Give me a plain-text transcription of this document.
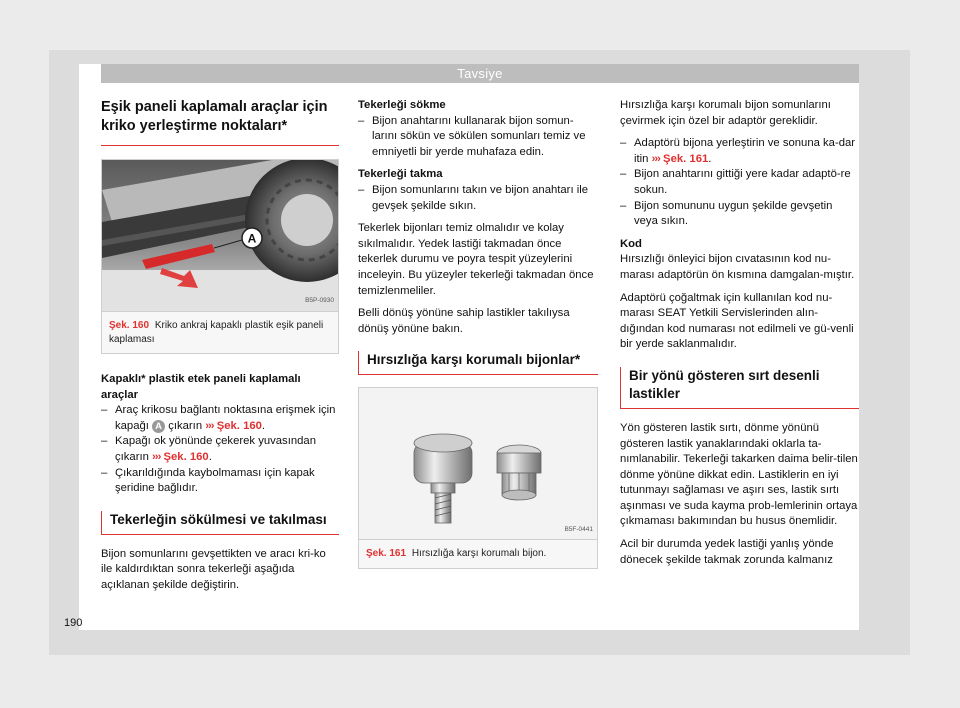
Tavsiye
Eşik paneli kaplamalı araçlar için kriko yerleştirme noktaları*
A
B5P-0930
Şek. 160 Kriko ankraj kapaklı plastik eşik paneli kaplaması
Kapaklı* plastik etek paneli kaplamalı araçlar
– Araç krikosu bağlantı noktasına erişmek için kapağı A çıkarın ››› Şek. 160.
– Kapağı ok yönünde çekerek yuvasından çıkarın ››› Şek. 160.
– Çıkarıldığında kaybolmaması için kapak şeridine bağlıdır.
Tekerleğin sökülmesi ve takılması

Bijon somunlarını gevşettikten ve aracı kri-ko ile kaldırdıktan sonra tekerleği aşağıda açıklanan şekilde değiştirin.

Tekerleği sökme
– Bijon anahtarını kullanarak bijon somun-larını sökün ve sökülen somunları temiz ve emniyetli bir yerde muhafaza edin.
Tekerleği takma
– Bijon somunlarını takın ve bijon anahtarı ile gevşek şekilde sıkın.

Tekerlek bijonları temiz olmalıdır ve kolay sıkılmalıdır. Yedek lastiği takmadan önce tekerlek durumu ve poyra tespit yüzeylerini inceleyin. Bu yüzeyler tekerleği takmadan önce temizlenmeliler.

Belli dönüş yönüne sahip lastikler takılıysa dönüş yönüne bakın.

Hırsızlığa karşı korumalı bijonlar*
B5F-0441
Şek. 161 Hırsızlığa karşı korumalı bijon.

Hırsızlığa karşı korumalı bijon somunlarını çevirmek için özel bir adaptör gereklidir.

– Adaptörü bijona yerleştirin ve sonuna ka-dar itin ››› Şek. 161.
– Bijon anahtarını gittiği yere kadar adaptö-re sokun.
– Bijon somununu uygun şekilde gevşetin veya sıkın.
Kod

Hırsızlığı önleyici bijon cıvatasının kod nu-marası adaptörün ön kısmına damgalan-mıştır.

Adaptörü çoğaltmak için kullanılan kod nu-marası SEAT Yetkili Servislerinden alın-dığından kod numarası not edilmeli ve gü-venli bir yerde saklanmalıdır.

Bir yönü gösteren sırt desenli lastikler

Yön gösteren lastik sırtı, dönme yönünü gösteren lastik yanaklarındaki oklarla ta-nımlanabilir. Tekerleği takarken daima belir-tilen dönme yönüne dikkat edin. Lastiklerin en iyi tutunmayı sağlaması ve aşırı ses, lastik sırtı aşınması ve suda kayma prob-lemlerinin ortaya çıkmaması bakımından bu husus önemlidir.

Acil bir durumda yedek lastiği yanlış yönde dönecek şekilde takmak zorunda kalmanız

190
